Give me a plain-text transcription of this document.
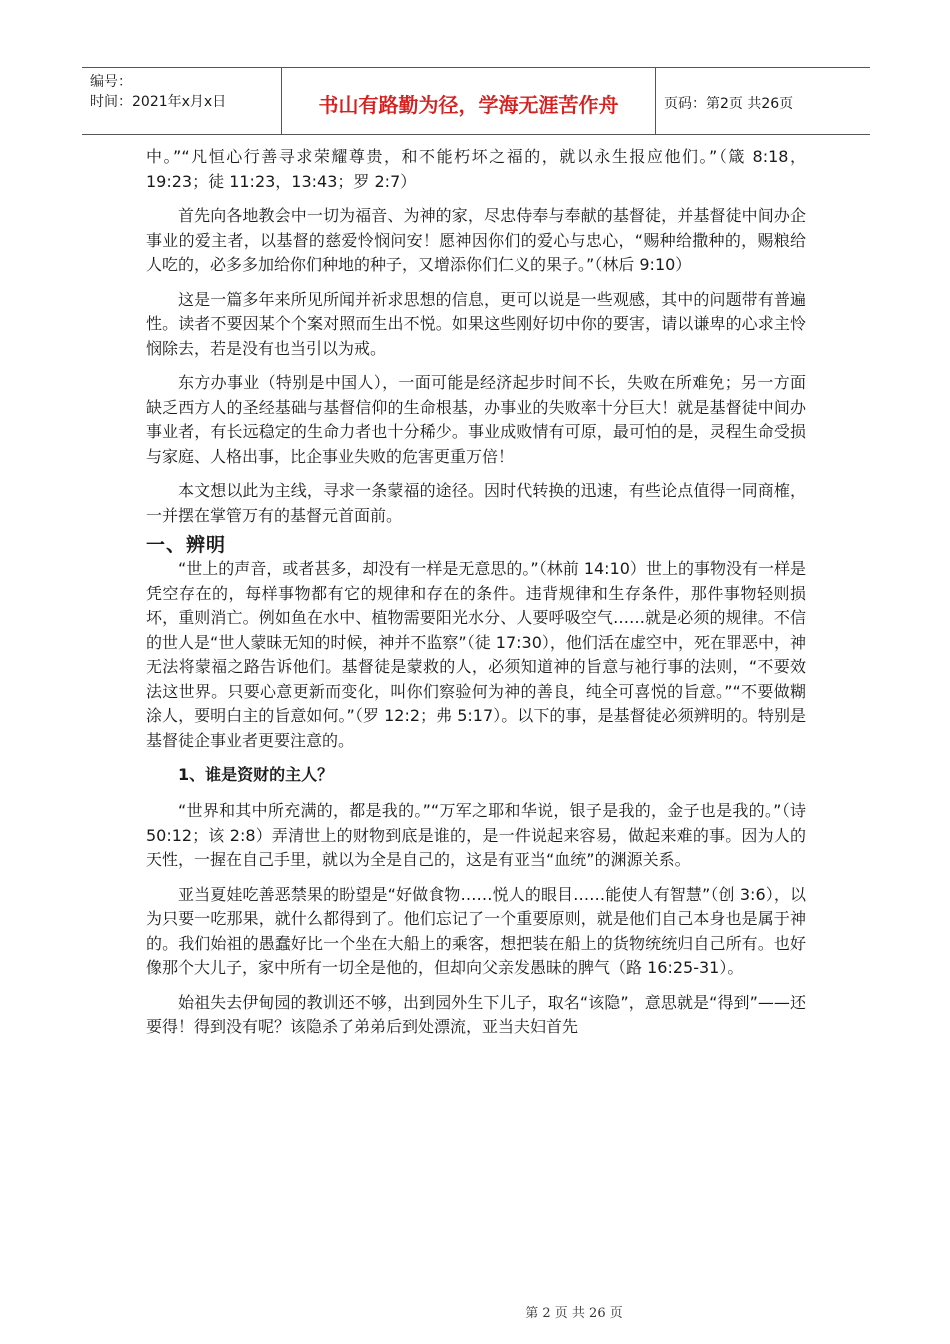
编号：
时间：2021年x月x日	书山有路勤为径，学海无涯苦作舟	页码：第2页 共26页

中。”“凡恒心行善寻求荣耀尊贵，和不能朽坏之福的，就以永生报应他们。”（箴 8:18，19:23；徒 11:23，13:43；罗 2:7）

首先向各地教会中一切为福音、为神的家，尽忠侍奉与奉献的基督徒，并基督徒中间办企事业的爱主者，以基督的慈爱怜悯问安！愿神因你们的爱心与忠心，“赐种给撒种的，赐粮给人吃的，必多多加给你们种地的种子，又增添你们仁义的果子。”（林后 9:10）

这是一篇多年来所见所闻并祈求思想的信息，更可以说是一些观感，其中的问题带有普遍性。读者不要因某个个案对照而生出不悦。如果这些刚好切中你的要害，请以谦卑的心求主怜悯除去，若是没有也当引以为戒。

东方办事业（特别是中国人），一面可能是经济起步时间不长，失败在所难免；另一方面缺乏西方人的圣经基础与基督信仰的生命根基，办事业的失败率十分巨大！就是基督徒中间办事业者，有长远稳定的生命力者也十分稀少。事业成败情有可原，最可怕的是，灵程生命受损与家庭、人格出事，比企事业失败的危害更重万倍！

本文想以此为主线，寻求一条蒙福的途径。因时代转换的迅速，有些论点值得一同商榷，一并摆在掌管万有的基督元首面前。

一、辨明

“世上的声音，或者甚多，却没有一样是无意思的。”（林前 14:10）世上的事物没有一样是凭空存在的，每样事物都有它的规律和存在的条件。违背规律和生存条件，那件事物轻则损坏，重则消亡。例如鱼在水中、植物需要阳光水分、人要呼吸空气……就是必须的规律。不信的世人是“世人蒙昧无知的时候，神并不监察”（徒 17:30），他们活在虚空中，死在罪恶中，神无法将蒙福之路告诉他们。基督徒是蒙救的人，必须知道神的旨意与祂行事的法则，“不要效法这世界。只要心意更新而变化，叫你们察验何为神的善良，纯全可喜悦的旨意。”“不要做糊涂人，要明白主的旨意如何。”（罗 12:2；弗 5:17）。以下的事，是基督徒必须辨明的。特别是基督徒企事业者更要注意的。

1、谁是资财的主人？

“世界和其中所充满的，都是我的。”“万军之耶和华说，银子是我的，金子也是我的。”（诗 50:12；该 2:8）弄清世上的财物到底是谁的，是一件说起来容易，做起来难的事。因为人的天性，一握在自己手里，就以为全是自己的，这是有亚当“血统”的渊源关系。

亚当夏娃吃善恶禁果的盼望是“好做食物……悦人的眼目……能使人有智慧”（创 3:6），以为只要一吃那果，就什么都得到了。他们忘记了一个重要原则，就是他们自己本身也是属于神的。我们始祖的愚蠢好比一个坐在大船上的乘客，想把装在船上的货物统统归自己所有。也好像那个大儿子，家中所有一切全是他的，但却向父亲发愚昧的脾气（路 16:25-31）。

始祖失去伊甸园的教训还不够，出到园外生下儿子，取名“该隐”，意思就是“得到”——还要得！得到没有呢？该隐杀了弟弟后到处漂流，亚当夫妇首先

第 2 页 共 26 页
